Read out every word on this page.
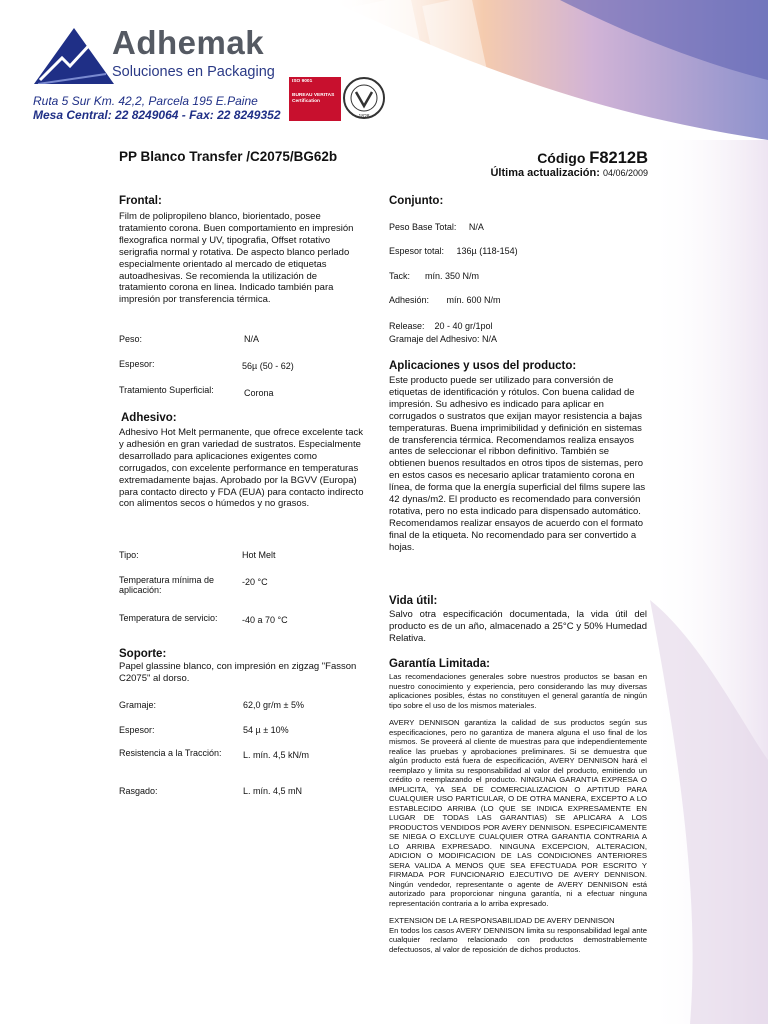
Adhemak
Soluciones en Packaging
Ruta 5 Sur Km. 42,2, Parcela 195 E.Paine
Mesa Central: 22 8249064 - Fax: 22 8249352
ISO 9001
BUREAU VERITAS
Certification
1828
PP Blanco Transfer /C2075/BG62b	Código F8212B
Última actualización: 04/06/2009
Frontal:
Film de polipropileno blanco, biorientado, posee tratamiento corona. Buen comportamiento en impresión flexografica normal y UV, tipografia, Offset rotativo serigrafia normal y rotativa. De aspecto blanco perlado especialmente orientado al mercado de etiquetas autoadhesivas. Se recomienda la utilización de tratamiento corona en linea. Indicado también para impresión por transferencia térmica.
Peso:	N/A
Espesor:	56µ (50 - 62)
Tratamiento Superficial:	Corona
Adhesivo:
Adhesivo Hot Melt permanente, que ofrece excelente tack y adhesión en gran variedad de sustratos. Especialmente desarrollado para aplicaciones exigentes como corrugados, con excelente performance en temperaturas extremadamente bajas. Aprobado por la BGVV (Europa) para contacto directo y FDA (EUA) para contacto indirecto con alimentos secos o húmedos y no grasos.
Tipo:	Hot Melt
Temperatura mínima de aplicación:
-20 °C
Temperatura de servicio:	-40 a 70 °C
Soporte:
Papel glassine blanco, con impresión en zigzag "Fasson C2075" al dorso.
Gramaje:	62,0 gr/m ± 5%
Espesor:	54 µ ± 10%
Resistencia a la Tracción:	L. mín. 4,5 kN/m
Rasgado:	L. mín. 4,5 mN
Conjunto:
Peso Base Total:     N/A
Espesor total:     136µ (118-154)
Tack:      mín. 350 N/m
Adhesión:       mín. 600 N/m
Release:    20 - 40 gr/1pol
Gramaje del Adhesivo: N/A
Aplicaciones y usos del producto:
Este producto puede ser utilizado para conversión de etiquetas de identificación y rótulos. Con buena calidad de impresión. Su adhesivo es indicado para aplicar en corrugados o sustratos que exijan mayor resistencia a bajas temperaturas. Buena imprimibilidad y definición en sistemas de transferencia térmica. Recomendamos realiza ensayos antes de seleccionar el ribbon definitivo. También se obtienen buenos resultados en otros tipos de sistemas, pero en estos casos es necesario aplicar tratamiento corona en línea, de forma que la energía superficial del films supere las 42 dynas/m2. El producto es recomendado para conversión rotativa, pero no esta indicado para dispensado automático. Recomendamos realizar ensayos de acuerdo con el formato final de la etiqueta. No recomendado para ser convertido a hojas.
Vida útil:
Salvo otra especificación documentada, la vida útil del producto es de un año, almacenado a 25°C y 50% Humedad Relativa.
Garantía Limitada:

Las recomendaciones generales sobre nuestros productos se basan en nuestro conocimiento y experiencia, pero considerando las muy diversas aplicaciones posibles, éstas no constituyen el general garantía de ningún tipo sobre el uso de los mismos materiales.

AVERY DENNISON garantiza la calidad de sus productos según sus especificaciones, pero no garantiza de manera alguna el uso final de los mismos. Se proveerá al cliente de muestras para que independientemente realice las pruebas y aprobaciones preliminares. Si se demuestra que algún producto está fuera de especificación, AVERY DENNISON hará el reemplazo y limita su responsabilidad al valor del producto, emitiendo un crédito o reemplazando el producto. NINGUNA GARANTIA EXPRESA O IMPLICITA, YA SEA DE COMERCIALIZACION O APTITUD PARA CUALQUIER USO PARTICULAR, O DE OTRA MANERA, EXCEPTO A LO ESTABLECIDO ARRIBA (LO QUE SE INDICA EXPRESAMENTE EN LUGAR DE TODAS LAS GARANTIAS) SE APLICARA A LOS PRODUCTOS VENDIDOS POR AVERY DENNISON. ESPECIFICAMENTE SE NIEGA O EXCLUYE CUALQUIER OTRA GARANTIA CONTRARIA A LO ARRIBA EXPRESADO. NINGUNA EXCEPCION, ALTERACION, ADICION O MODIFICACION DE LAS CONDICIONES ANTERIORES SERA VALIDA A MENOS QUE SEA EFECTUADA POR ESCRITO Y FIRMADA POR FUNCIONARIO EJECUTIVO DE AVERY DENNISON. Ningún vendedor, representante o agente de AVERY DENNISON está autorizado para proporcionar ninguna garantía, ni a efectuar ninguna representación contraria a lo arriba expresado.

EXTENSION DE LA RESPONSABILIDAD DE AVERY DENNISON

En todos los casos AVERY DENNISON limita su responsabilidad legal ante cualquier reclamo relacionado con productos demostrablemente defectuosos, al valor de reposición de dichos productos.
